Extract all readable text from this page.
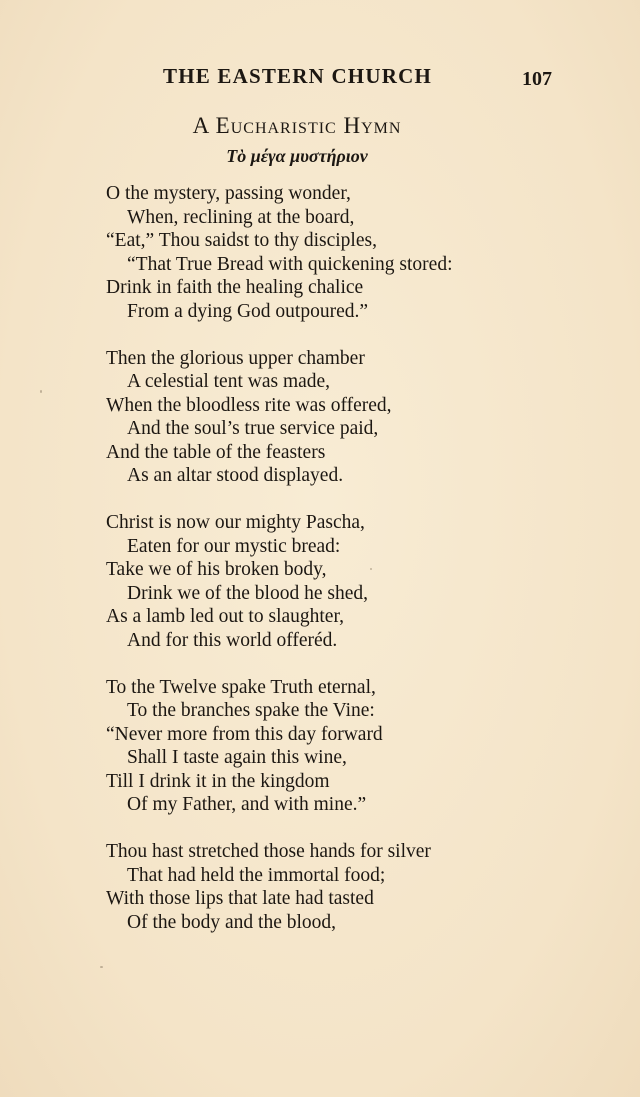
THE EASTERN CHURCH	107
A Eucharistic Hymn
Τὸ μέγα μυστήριον
O the mystery, passing wonder,
When, reclining at the board,
“Eat,” Thou saidst to thy disciples,
“That True Bread with quickening stored:
Drink in faith the healing chalice
From a dying God outpoured.”
Then the glorious upper chamber
A celestial tent was made,
When the bloodless rite was offered,
And the soul’s true service paid,
And the table of the feasters
As an altar stood displayed.
Christ is now our mighty Pascha,
Eaten for our mystic bread:
Take we of his broken body,
Drink we of the blood he shed,
As a lamb led out to slaughter,
And for this world offeréd.
To the Twelve spake Truth eternal,
To the branches spake the Vine:
“Never more from this day forward
Shall I taste again this wine,
Till I drink it in the kingdom
Of my Father, and with mine.”
Thou hast stretched those hands for silver
That had held the immortal food;
With those lips that late had tasted
Of the body and the blood,
